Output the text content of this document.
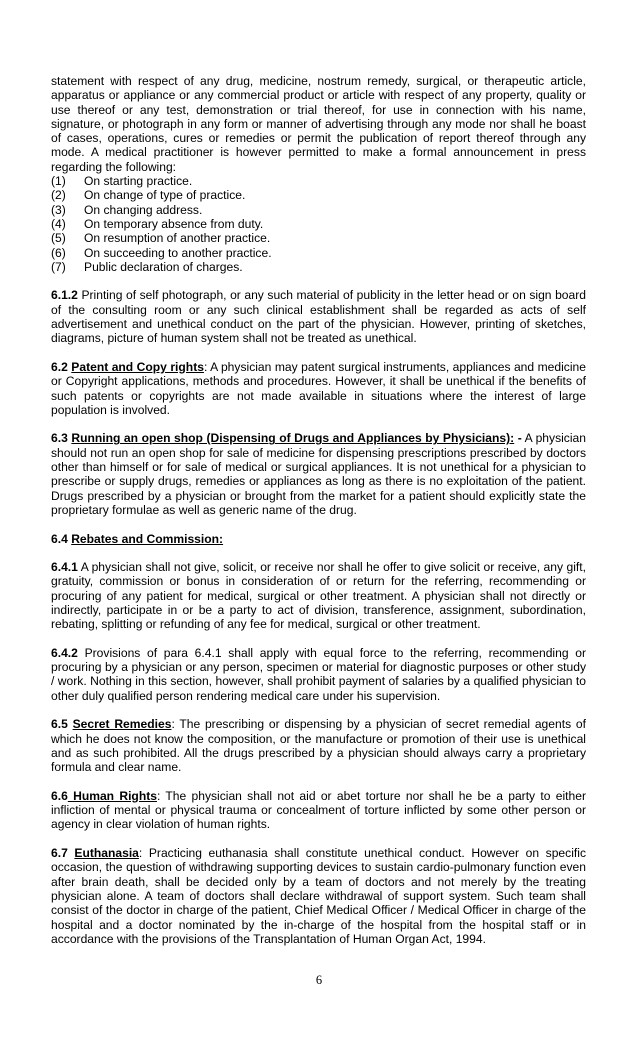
statement with respect of any drug, medicine, nostrum remedy, surgical, or therapeutic article, apparatus or appliance or any commercial product or article with respect of any property, quality or use thereof or any test, demonstration or trial thereof, for use in connection with his name, signature, or photograph in any form or manner of advertising through any mode nor shall he boast of cases, operations, cures or remedies or permit the publication of report thereof through any mode. A medical practitioner is however permitted to make a formal announcement in press regarding the following:

(1)	On starting practice.
(2)	On change of type of practice.
(3)	On changing address.
(4)	On temporary absence from duty.
(5)	On resumption of another practice.
(6)	On succeeding to another practice.
(7)	Public declaration of charges.

6.1.2 Printing of self photograph, or any such material of publicity in the letter head or on sign board of the consulting room or any such clinical establishment shall be regarded as acts of self advertisement and unethical conduct on the part of the physician. However, printing of sketches, diagrams, picture of human system shall not be treated as unethical.

6.2 Patent and Copy rights: A physician may patent surgical instruments, appliances and medicine or Copyright applications, methods and procedures. However, it shall be unethical if the benefits of such patents or copyrights are not made available in situations where the interest of large population is involved.

6.3 Running an open shop (Dispensing of Drugs and Appliances by Physicians): - A physician should not run an open shop for sale of medicine for dispensing prescriptions prescribed by doctors other than himself or for sale of medical or surgical appliances. It is not unethical for a physician to prescribe or supply drugs, remedies or appliances as long as there is no exploitation of the patient. Drugs prescribed by a physician or brought from the market for a patient should explicitly state the proprietary formulae as well as generic name of the drug.

6.4 Rebates and Commission:

6.4.1 A physician shall not give, solicit, or receive nor shall he offer to give solicit or receive, any gift, gratuity, commission or bonus in consideration of or return for the referring, recommending or procuring of any patient for medical, surgical or other treatment. A physician shall not directly or indirectly, participate in or be a party to act of division, transference, assignment, subordination, rebating, splitting or refunding of any fee for medical, surgical or other treatment.

6.4.2 Provisions of para 6.4.1 shall apply with equal force to the referring, recommending or procuring by a physician or any person, specimen or material for diagnostic purposes or other study / work. Nothing in this section, however, shall prohibit payment of salaries by a qualified physician to other duly qualified person rendering medical care under his supervision.

6.5 Secret Remedies: The prescribing or dispensing by a physician of secret remedial agents of which he does not know the composition, or the manufacture or promotion of their use is unethical and as such prohibited. All the drugs prescribed by a physician should always carry a proprietary formula and clear name.

6.6 Human Rights: The physician shall not aid or abet torture nor shall he be a party to either infliction of mental or physical trauma or concealment of torture inflicted by some other person or agency in clear violation of human rights.

6.7 Euthanasia: Practicing euthanasia shall constitute unethical conduct. However on specific occasion, the question of withdrawing supporting devices to sustain cardio-pulmonary function even after brain death, shall be decided only by a team of doctors and not merely by the treating physician alone. A team of doctors shall declare withdrawal of support system. Such team shall consist of the doctor in charge of the patient, Chief Medical Officer / Medical Officer in charge of the hospital and a doctor nominated by the in-charge of the hospital from the hospital staff or in accordance with the provisions of the Transplantation of Human Organ Act, 1994.

6
